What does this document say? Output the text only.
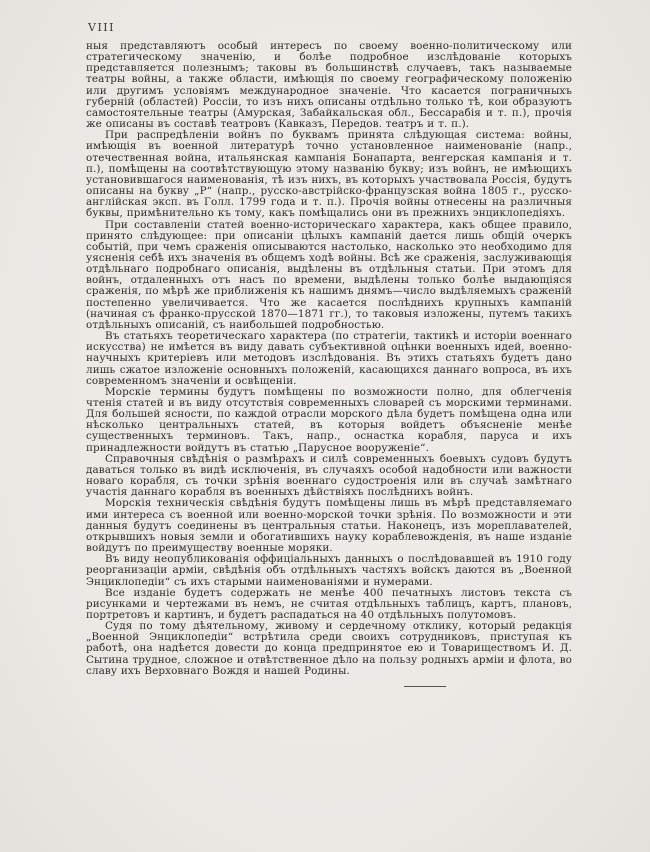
VIII

ныя представляютъ особый интересъ по своему военно-политическому или стратегическому значенію, и болѣе подробное изслѣдованіе которыхъ представляется полезнымъ; таковы въ большинствѣ случаевъ, такъ называемые театры войны, а также области, имѣющія по своему географическому положенію или другимъ условіямъ международное значеніе. Что касается пограничныхъ губерній (областей) Россіи, то изъ нихъ описаны отдѣльно только тѣ, кои образуютъ самостоятельные театры (Амурская, Забайкальская обл., Бессарабія и т. п.), прочія же описаны въ составѣ театровъ (Кавказъ, Передов. театръ и т. п.).

При распредѣленіи войнъ по буквамъ принята слѣдующая система: войны, имѣющія въ военной литературѣ точно установленное наименованіе (напр., отечественная война, итальянская кампанія Бонапарта, венгерская кампанія и т. п.), помѣщены на соотвѣтствующую этому названію букву; изъ войнъ, не имѣющихъ установившагося наименованія, тѣ изъ нихъ, въ которыхъ участвовала Россія, будутъ описаны на букву „Р“ (напр., русско-австрійско-французская война 1805 г., русско-англійская эксп. въ Голл. 1799 года и т. п.). Прочія войны отнесены на различныя буквы, примѣнительно къ тому, какъ помѣщались они въ прежнихъ энциклопедіяхъ.

При составленіи статей военно-историческаго характера, какъ общее правило, принято слѣдующее: при описаніи цѣлыхъ кампаній дается лишь общій очеркъ событій, при чемъ сраженія описываются настолько, насколько это необходимо для уясненія себѣ ихъ значенія въ общемъ ходѣ войны. Всѣ же сраженія, заслуживающія отдѣльнаго подробнаго описанія, выдѣлены въ отдѣльныя статьи. При этомъ для войнъ, отдаленныхъ отъ насъ по времени, выдѣлены только болѣе выдающіяся сраженія, по мѣрѣ же приближенія къ нашимъ днямъ—число выдѣляемыхъ сраженій постепенно увеличивается. Что же касается послѣднихъ крупныхъ кампаній (начиная съ франко-прусской 1870—1871 гг.), то таковыя изложены, путемъ такихъ отдѣльныхъ описаній, съ наибольшей подробностью.

Въ статьяхъ теоретическаго характера (по стратегіи, тактикѣ и исторіи военнаго искусства) не имѣется въ виду давать субъективной оцѣнки военныхъ идей, военно-научныхъ критеріевъ или методовъ изслѣдованія. Въ этихъ статьяхъ будетъ дано лишь сжатое изложеніе основныхъ положеній, касающихся даннаго вопроса, въ ихъ современномъ значеніи и освѣщеніи.

Морскіе термины будутъ помѣщены по возможности полно, для облегченія чтенія статей и въ виду отсутствія современныхъ словарей съ морскими терминами. Для большей ясности, по каждой отрасли морского дѣла будетъ помѣщена одна или нѣсколько центральныхъ статей, въ которыя войдетъ объясненіе менѣе существенныхъ терминовъ. Такъ, напр., оснастка корабля, паруса и ихъ принадлежности войдутъ въ статью „Парусное вооруженіе“.

Справочныя свѣдѣнія о размѣрахъ и силѣ современныхъ боевыхъ судовъ будутъ даваться только въ видѣ исключенія, въ случаяхъ особой надобности или важности новаго корабля, съ точки зрѣнія военнаго судостроенія или въ случаѣ замѣтнаго участія даннаго корабля въ военныхъ дѣйствіяхъ послѣднихъ войнъ.

Морскія техническія свѣдѣнія будутъ помѣщены лишь въ мѣрѣ представляемаго ими интереса съ военной или военно-морской точки зрѣнія. По возможности и эти данныя будутъ соединены въ центральныя статьи. Наконецъ, изъ мореплавателей, открывшихъ новыя земли и обогатившихъ науку кораблевожденія, въ наше изданіе войдутъ по преимуществу военные моряки.

Въ виду неопубликованія оффиціальныхъ данныхъ о послѣдовавшей въ 1910 году реорганизаціи арміи, свѣдѣнія объ отдѣльныхъ частяхъ войскъ даются въ „Военной Энциклопедіи“ съ ихъ старыми наименованіями и нумерами.

Все изданіе будетъ содержать не менѣе 400 печатныхъ листовъ текста съ рисунками и чертежами въ немъ, не считая отдѣльныхъ таблицъ, картъ, плановъ, портретовъ и картинъ, и будетъ распадаться на 40 отдѣльныхъ полутомовъ.

Судя по тому дѣятельному, живому и сердечному отклику, который редакція „Военной Энциклопедіи“ встрѣтила среди своихъ сотрудниковъ, приступая къ работѣ, она надѣется довести до конца предпринятое ею и Товариществомъ И. Д. Сытина трудное, сложное и отвѣтственное дѣло на пользу родныхъ арміи и флота, во славу ихъ Верховнаго Вождя и нашей Родины.
